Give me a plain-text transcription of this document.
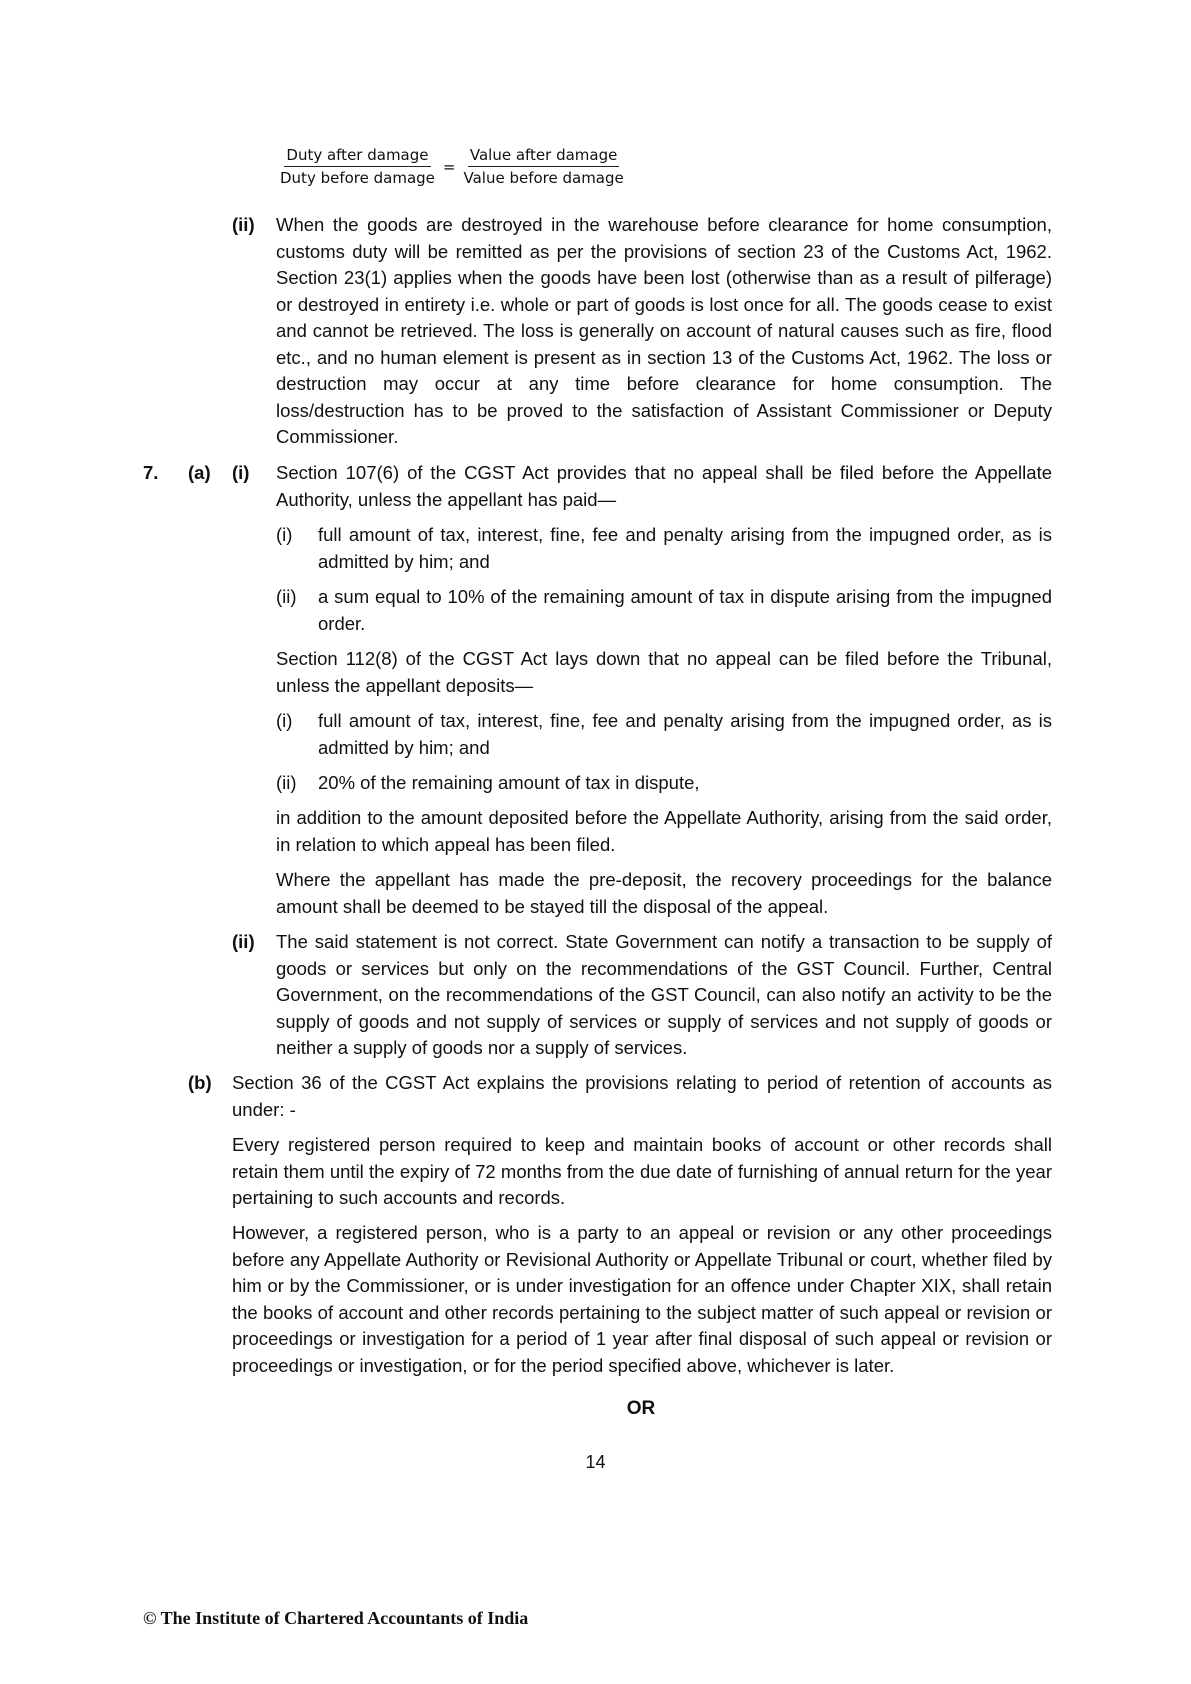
$\frac{\text{Duty after damage}}{\text{Duty before damage}} = \frac{\text{Value after damage}}{\text{Value before damage}}$
(ii) When the goods are destroyed in the warehouse before clearance for home consumption, customs duty will be remitted as per the provisions of section 23 of the Customs Act, 1962. Section 23(1) applies when the goods have been lost (otherwise than as a result of pilferage) or destroyed in entirety i.e. whole or part of goods is lost once for all. The goods cease to exist and cannot be retrieved. The loss is generally on account of natural causes such as fire, flood etc., and no human element is present as in section 13 of the Customs Act, 1962. The loss or destruction may occur at any time before clearance for home consumption. The loss/destruction has to be proved to the satisfaction of Assistant Commissioner or Deputy Commissioner.
7. (a) (i) Section 107(6) of the CGST Act provides that no appeal shall be filed before the Appellate Authority, unless the appellant has paid—
(i) full amount of tax, interest, fine, fee and penalty arising from the impugned order, as is admitted by him; and
(ii) a sum equal to 10% of the remaining amount of tax in dispute arising from the impugned order.
Section 112(8) of the CGST Act lays down that no appeal can be filed before the Tribunal, unless the appellant deposits—
(i) full amount of tax, interest, fine, fee and penalty arising from the impugned order, as is admitted by him; and
(ii) 20% of the remaining amount of tax in dispute,
in addition to the amount deposited before the Appellate Authority, arising from the said order, in relation to which appeal has been filed.
Where the appellant has made the pre-deposit, the recovery proceedings for the balance amount shall be deemed to be stayed till the disposal of the appeal.
(ii) The said statement is not correct. State Government can notify a transaction to be supply of goods or services but only on the recommendations of the GST Council. Further, Central Government, on the recommendations of the GST Council, can also notify an activity to be the supply of goods and not supply of services or supply of services and not supply of goods or neither a supply of goods nor a supply of services.
(b) Section 36 of the CGST Act explains the provisions relating to period of retention of accounts as under: -
Every registered person required to keep and maintain books of account or other records shall retain them until the expiry of 72 months from the due date of furnishing of annual return for the year pertaining to such accounts and records.
However, a registered person, who is a party to an appeal or revision or any other proceedings before any Appellate Authority or Revisional Authority or Appellate Tribunal or court, whether filed by him or by the Commissioner, or is under investigation for an offence under Chapter XIX, shall retain the books of account and other records pertaining to the subject matter of such appeal or revision or proceedings or investigation for a period of 1 year after final disposal of such appeal or revision or proceedings or investigation, or for the period specified above, whichever is later.
OR
14
© The Institute of Chartered Accountants of India
